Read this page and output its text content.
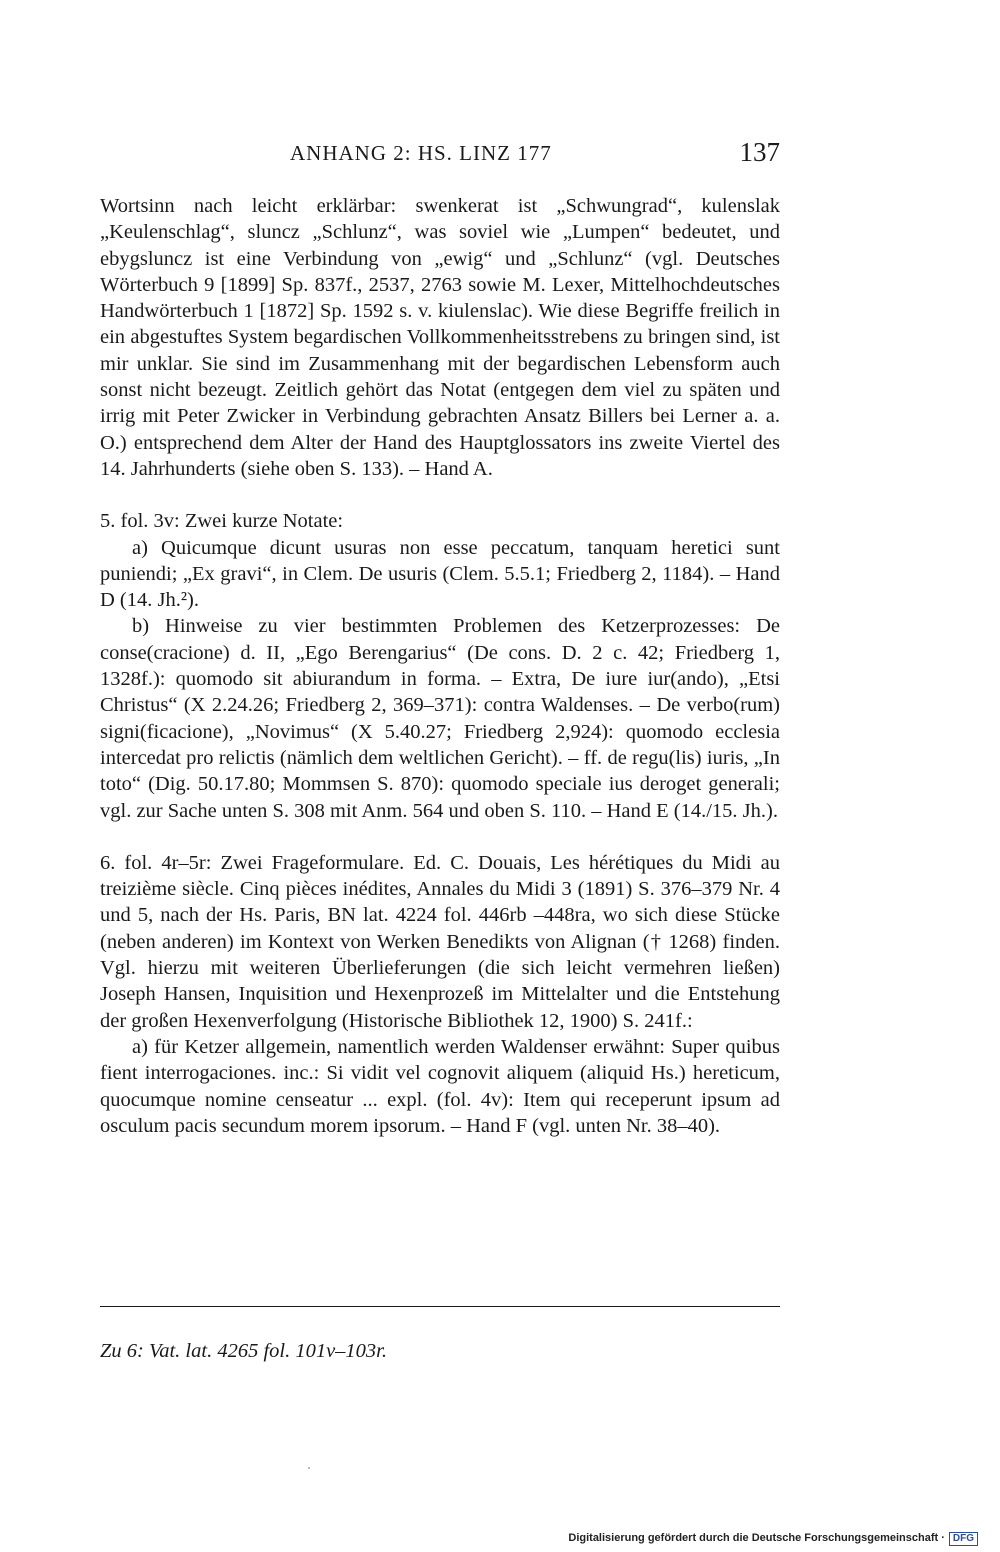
ANHANG 2: HS. LINZ 177	137

Wortsinn nach leicht erklärbar: swenkerat ist „Schwungrad“, kulenslak „Keulenschlag“, sluncz „Schlunz“, was soviel wie „Lumpen“ bedeutet, und ebygsluncz ist eine Verbindung von „ewig“ und „Schlunz“ (vgl. Deutsches Wörterbuch 9 [1899] Sp. 837f., 2537, 2763 sowie M. Lexer, Mittelhochdeutsches Handwörterbuch 1 [1872] Sp. 1592 s. v. kiulenslac). Wie diese Begriffe freilich in ein abgestuftes System begardischen Vollkommenheitsstrebens zu bringen sind, ist mir unklar. Sie sind im Zusammenhang mit der begardischen Lebensform auch sonst nicht bezeugt. Zeitlich gehört das Notat (entgegen dem viel zu späten und irrig mit Peter Zwicker in Verbindung gebrachten Ansatz Billers bei Lerner a. a. O.) entsprechend dem Alter der Hand des Hauptglossators ins zweite Viertel des 14. Jahrhunderts (siehe oben S. 133). – Hand A.

5. fol. 3v: Zwei kurze Notate:

a) Quicumque dicunt usuras non esse peccatum, tanquam heretici sunt puniendi; „Ex gravi“, in Clem. De usuris (Clem. 5.5.1; Friedberg 2, 1184). – Hand D (14. Jh.²).

b) Hinweise zu vier bestimmten Problemen des Ketzerprozesses: De conse(cracione) d. II, „Ego Berengarius“ (De cons. D. 2 c. 42; Friedberg 1, 1328f.): quomodo sit abiurandum in forma. – Extra, De iure iur(ando), „Etsi Christus“ (X 2.24.26; Friedberg 2, 369–371): contra Waldenses. – De verbo(rum) signi(ficacione), „Novimus“ (X 5.40.27; Friedberg 2,924): quomodo ecclesia intercedat pro relictis (nämlich dem weltlichen Gericht). – ff. de regu(lis) iuris, „In toto“ (Dig. 50.17.80; Mommsen S. 870): quomodo speciale ius deroget generali; vgl. zur Sache unten S. 308 mit Anm. 564 und oben S. 110. – Hand E (14./15. Jh.).

6. fol. 4r–5r: Zwei Frageformulare. Ed. C. Douais, Les hérétiques du Midi au treizième siècle. Cinq pièces inédites, Annales du Midi 3 (1891) S. 376–379 Nr. 4 und 5, nach der Hs. Paris, BN lat. 4224 fol. 446rb –448ra, wo sich diese Stücke (neben anderen) im Kontext von Werken Benedikts von Alignan († 1268) finden. Vgl. hierzu mit weiteren Überlieferungen (die sich leicht vermehren ließen) Joseph Hansen, Inquisition und Hexenprozeß im Mittelalter und die Entstehung der großen Hexenverfolgung (Historische Bibliothek 12, 1900) S. 241f.:

a) für Ketzer allgemein, namentlich werden Waldenser erwähnt: Super quibus fient interrogaciones. inc.: Si vidit vel cognovit aliquem (aliquid Hs.) hereticum, quocumque nomine censeatur ... expl. (fol. 4v): Item qui receperunt ipsum ad osculum pacis secundum morem ipsorum. – Hand F (vgl. unten Nr. 38–40).

Zu 6: Vat. lat. 4265 fol. 101v–103r.
Digitalisierung gefördert durch die Deutsche Forschungsgemeinschaft · DFG
